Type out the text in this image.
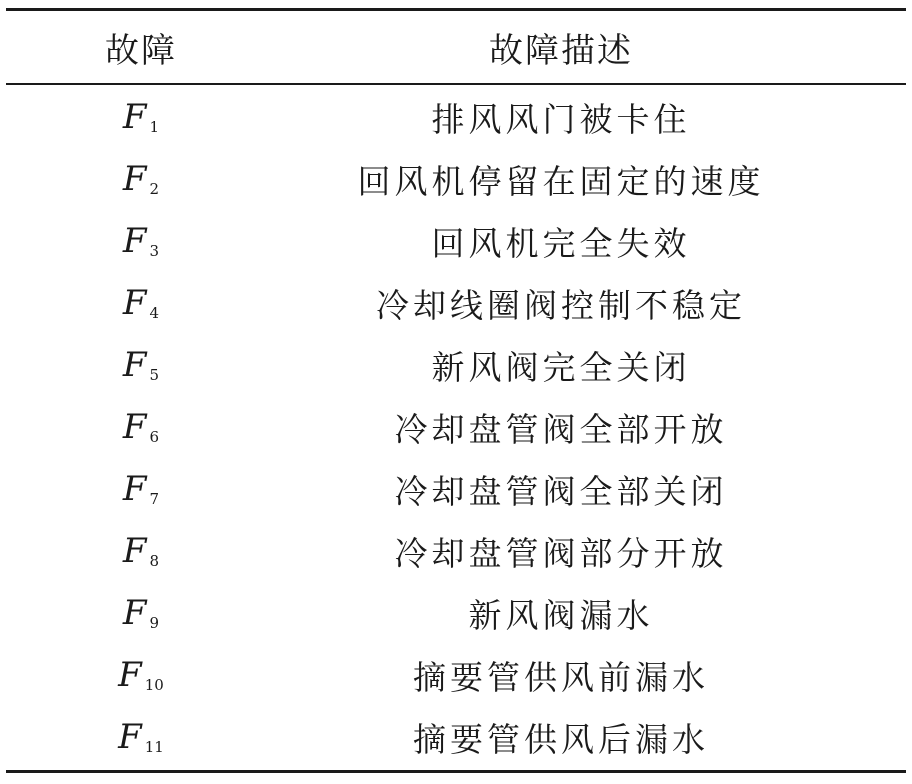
故障	故障描述
F $_1$	排风风门被卡住
F $_2$	回风机停留在固定的速度
F $_3$	回风机完全失效
F $_4$	冷却线圈阀控制不稳定
F $_5$	新风阀完全关闭
F $_6$	冷却盘管阀全部开放
F $_7$	冷却盘管阀全部关闭
F $_8$	冷却盘管阀部分开放
F $_9$	新风阀漏水
F $_{10}$	摘要管供风前漏水
F $_{11}$	摘要管供风后漏水
